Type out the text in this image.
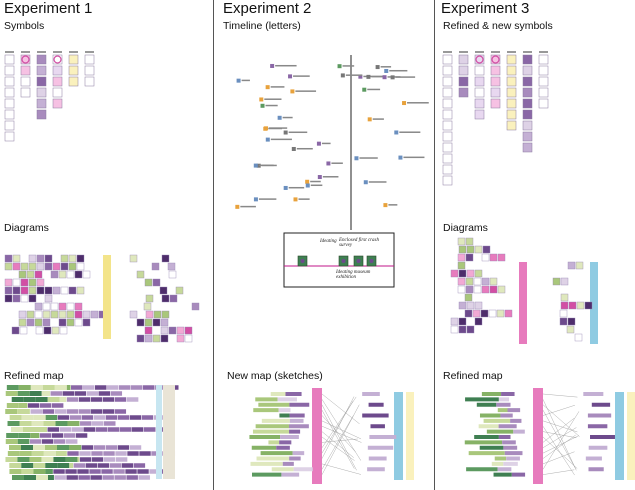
Experiment 1
Symbols
Diagrams
Refined map
Experiment 2
Timeline (letters)
New map (sketches)
Ideating Enclosed first crash survey
Ideating museum exhibition
Experiment 3
Refined & new symbols
Diagrams
Refined map
